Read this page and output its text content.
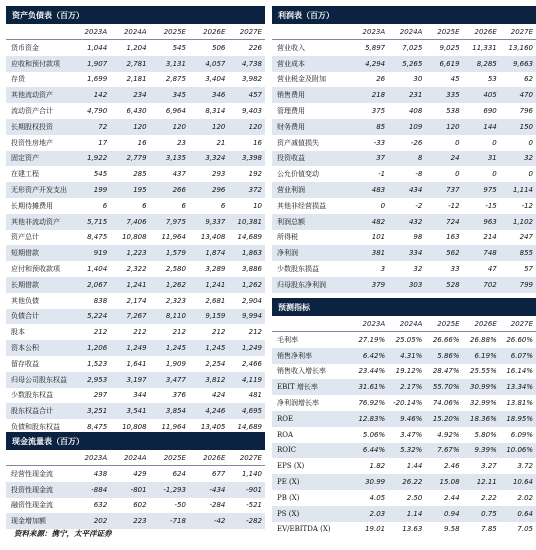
资产负债表（百万）
2023A	2024A	2025E	2026E	2027E
货币资金	1,044	1,204	545	506	226
应收和预付款项	1,907	2,781	3,131	4,057	4,738
存货	1,699	2,181	2,875	3,404	3,982
其他流动资产	142	234	345	346	457
流动资产合计	4,790	6,430	6,964	8,314	9,403
长期股权投资	72	120	120	120	120
投资性房地产	17	16	23	21	16
固定资产	1,922	2,779	3,135	3,324	3,398
在建工程	545	285	437	293	192
无形资产开发支出	199	195	266	296	372
长期待摊费用	6	6	6	6	10
其他非流动资产	5,715	7,406	7,975	9,337	10,381
资产总计	8,475	10,808	11,964	13,408	14,689
短期借款	919	1,223	1,579	1,874	1,863
应付和预收款项	1,404	2,322	2,580	3,289	3,886
长期借款	2,067	1,241	1,262	1,241	1,262
其他负债	838	2,174	2,323	2,681	2,904
负债合计	5,224	7,267	8,110	9,159	9,994
股本	212	212	212	212	212
资本公积	1,206	1,249	1,245	1,245	1,249
留存收益	1,523	1,641	1,909	2,254	2,466
归母公司股东权益	2,953	3,197	3,477	3,812	4,119
少数股东权益	297	344	376	424	481
股东权益合计	3,251	3,541	3,854	4,246	4,695
负债和股东权益	8,475	10,808	11,964	13,405	14,689
现金流量表（百万）
2023A	2024A	2025E	2026E	2027E
经营性现金流	438	429	624	677	1,140
投资性现金流	-884	-801	-1,293	-434	-901
融资性现金流	632	602	-50	-284	-521
现金增加额	202	223	-718	-42	-282
利润表（百万）
2023A	2024A	2025E	2026E	2027E
营业收入	5,897	7,025	9,025	11,331	13,160
营业成本	4,294	5,265	6,619	8,285	9,663
营业税金及附加	26	30	45	53	62
销售费用	218	231	335	405	470
管理费用	375	408	538	690	796
财务费用	85	109	120	144	150
资产减值损失	-33	-26	0	0	0
投资收益	37	8	24	31	32
公允价值变动	-1	-8	0	0	0
营业利润	483	434	737	975	1,114
其他非经营损益	0	-2	-12	-15	-12
利润总额	482	432	724	963	1,102
所得税	101	98	163	214	247
净利润	381	334	562	748	855
少数股东损益	3	32	33	47	57
归母股东净利润	379	303	528	702	799
预测指标
2023A	2024A	2025E	2026E	2027E
毛利率	27.19%	25.05%	26.66%	26.88%	26.60%
销售净利率	6.42%	4.31%	5.86%	6.19%	6.07%
销售收入增长率	23.44%	19.12%	28.47%	25.55%	16.14%
EBIT 增长率	31.61%	2.17%	55.70%	30.99%	13.34%
净利润增长率	76.92%	-20.14%	74.06%	32.99%	13.81%
ROE	12.83%	9.46%	15.20%	18.36%	18.95%
ROA	5.06%	3.47%	4.92%	5.80%	6.09%
ROIC	6.44%	5.32%	7.67%	9.39%	10.06%
EPS (X)	1.82	1.44	2.46	3.27	3.72
PE (X)	30.99	26.22	15.08	12.11	10.64
PB (X)	4.05	2.50	2.44	2.22	2.02
PS (X)	2.03	1.14	0.94	0.75	0.64
EV/EBITDA (X)	19.01	13.63	9.58	7.85	7.05
资料来源：携宁，太平洋证券
